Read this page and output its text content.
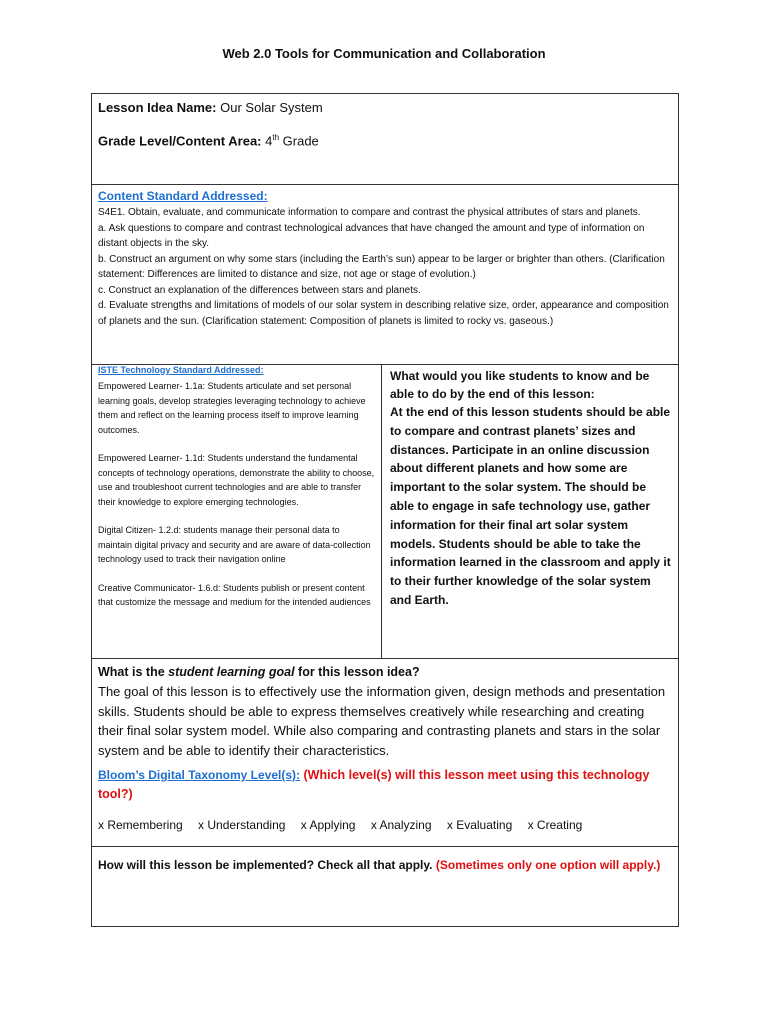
Web 2.0 Tools for Communication and Collaboration
Lesson Idea Name: Our Solar System
Grade Level/Content Area: 4th Grade
Content Standard Addressed:

S4E1. Obtain, evaluate, and communicate information to compare and contrast the physical attributes of stars and planets.

a. Ask questions to compare and contrast technological advances that have changed the amount and type of information on distant objects in the sky.

b. Construct an argument on why some stars (including the Earth’s sun) appear to be larger or brighter than others. (Clarification statement: Differences are limited to distance and size, not age or stage of evolution.)

c. Construct an explanation of the differences between stars and planets.

d. Evaluate strengths and limitations of models of our solar system in describing relative size, order, appearance and composition of planets and the sun. (Clarification statement: Composition of planets is limited to rocky vs. gaseous.)

ISTE Technology Standard Addressed:

Empowered Learner- 1.1a: Students articulate and set personal learning goals, develop strategies leveraging technology to achieve them and reflect on the learning process itself to improve learning outcomes.

Empowered Learner- 1.1d: Students understand the fundamental concepts of technology operations, demonstrate the ability to choose, use and troubleshoot current technologies and are able to transfer their knowledge to explore emerging technologies.

Digital Citizen- 1.2.d: students manage their personal data to maintain digital privacy and security and are aware of data-collection technology used to track their navigation online

Creative Communicator- 1.6.d: Students publish or present content that customize the message and medium for the intended audiences

What would you like students to know and be able to do by the end of this lesson:
At the end of this lesson students should be able to compare and contrast planets’ sizes and distances. Participate in an online discussion about different planets and how some are important to the solar system. The should be able to engage in safe technology use, gather information for their final art solar system models. Students should be able to take the information learned in the classroom and apply it to their further knowledge of the solar system and Earth.
What is the student learning goal for this lesson idea?
The goal of this lesson is to effectively use the information given, design methods and presentation skills. Students should be able to express themselves creatively while researching and creating their final solar system model. While also comparing and contrasting planets and stars in the solar system and be able to identify their characteristics.
Bloom’s Digital Taxonomy Level(s): (Which level(s) will this lesson meet using this technology tool?)
x Remembering x Understanding x Applying x Analyzing x Evaluating x Creating
How will this lesson be implemented? Check all that apply. (Sometimes only one option will apply.)
